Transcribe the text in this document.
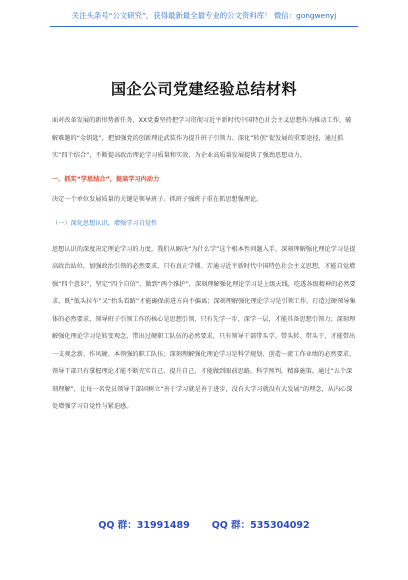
关注头条号“公文研究”，获得最新最全最专业的公文资料库！ 微信：gongwenyj
国企公司党建经验总结材料
面对改革发展的新形势新任务，XX党委坚持把学习贯彻习近平新时代中国特色社会主义思想作为推动工作、破解难题的“金钥匙”，把加强党的创新理论武装作为提升班子引领力、深化“转创”促发展的重要途径，通过抓实“四个结合”，不断提高政治理论学习质量和实效，为企业高质量发展提供了强劲思想动力。
一、抓实“学思结合”，提高学习内动力
决定一个单位发展质量的关键是领导班子。抓班子强班子重在抓思想强理论。
（一）深化思想认识，增强学习自觉性
思想认识的深度决定理论学习的力度。我们从解决“为什么学”这个根本性问题入手，深刻理解强化理论学习是提高政治站位，加强政治引领的必然要求，只有真正学懂、弄通习近平新时代中国特色社会主义思想，才能自觉增强“四个意识”，坚定“四个自信”，做到“两个维护”，深刻理解强化理论学习是上级天线，吃透各级精神的必然要求，既“低头拉车”又“抬头看路”才能确保前进方向不偏离；深刻理解强化理论学习是引领工作，打造过硬领导集体的必然要求，领导班子引领工作的核心是思想引领，只有先学一步、深学一层，才能具备思想引领力；深刻理解强化理论学习是转变观念，带出过硬职工队伍的必然要求，只有领导干部带头学、带头转、带头干，才能带出一支观念新、作风硬、本领强的职工队伍；深刻理解强化理论学习是科学规划、创造一流工作业绩的必然要求，领导干部只有掌握理论才能不断充实自己、提升自己，才能做到眼前思路，科学预判，精准施策。通过“五个深刻理解”，让每一名党员领导干部固树立“善于学习就是善于进步，没有大学习就没有大发展”的理念，从内心深处增强学习自觉性与紧迫感。
QQ 群：31991489 QQ 群：535304092
